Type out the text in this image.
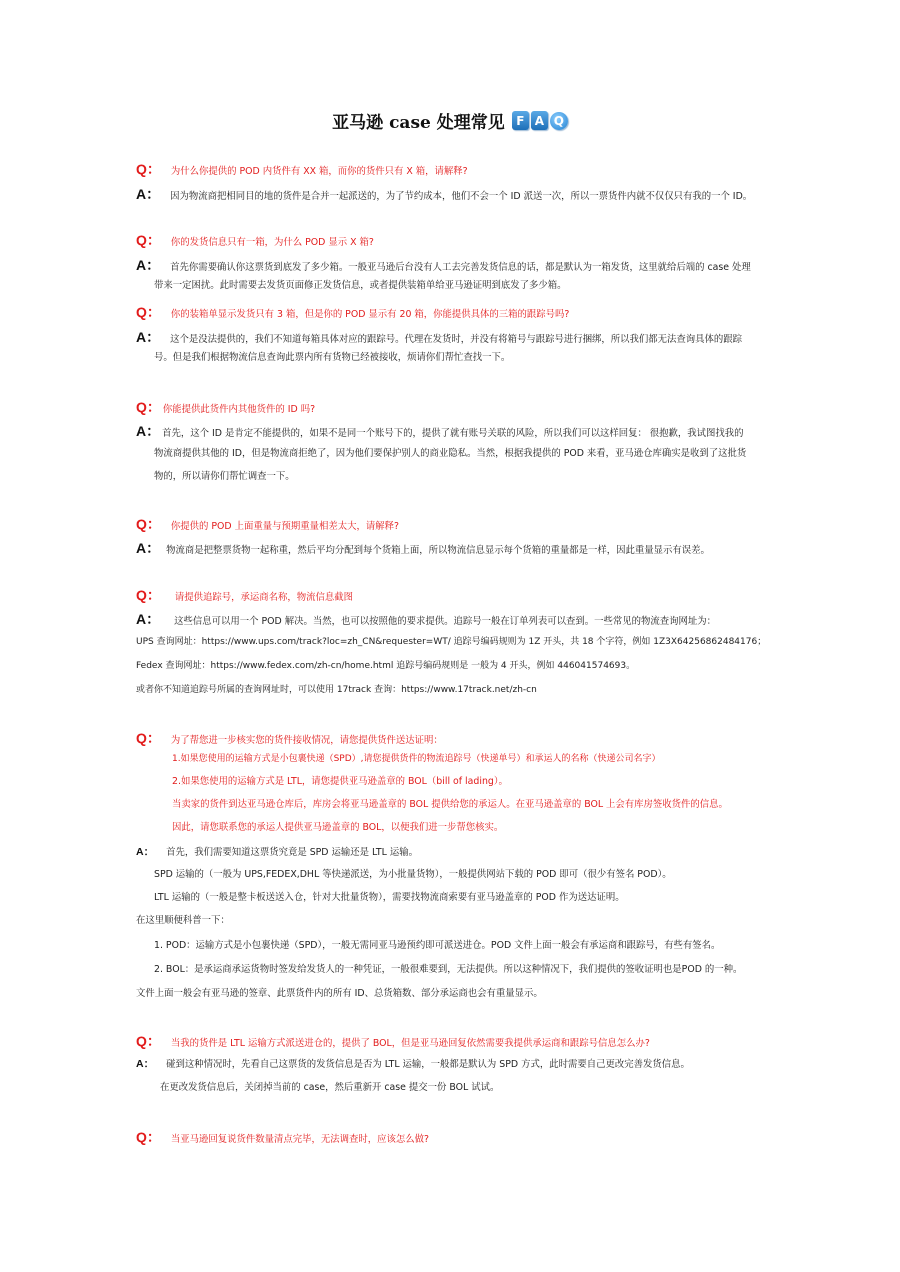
亚马逊 case 处理常见 F A Q
Q： 为什么你提供的 POD 内货件有 XX 箱，而你的货件只有 X 箱，请解释?
A： 因为物流商把相同目的地的货件是合并一起派送的，为了节约成本，他们不会一个 ID 派送一次，所以一票货件内就不仅仅只有我的一个 ID。
Q： 你的发货信息只有一箱，为什么 POD 显示 X 箱?
A： 首先你需要确认你这票货到底发了多少箱。一般亚马逊后台没有人工去完善发货信息的话，都是默认为一箱发货，这里就给后端的 case 处理
带来一定困扰。此时需要去发货页面修正发货信息，或者提供装箱单给亚马逊证明到底发了多少箱。
Q： 你的装箱单显示发货只有 3 箱，但是你的 POD 显示有 20 箱，你能提供具体的三箱的跟踪号吗?
A： 这个是没法提供的，我们不知道每箱具体对应的跟踪号。代理在发货时，并没有将箱号与跟踪号进行捆绑，所以我们都无法查询具体的跟踪
号。但是我们根据物流信息查询此票内所有货物已经被接收，烦请你们帮忙查找一下。
Q： 你能提供此货件内其他货件的 ID 吗?
A： 首先，这个 ID 是肯定不能提供的，如果不是同一个账号下的，提供了就有账号关联的风险，所以我们可以这样回复： 很抱歉，我试图找我的
物流商提供其他的 ID，但是物流商拒绝了，因为他们要保护别人的商业隐私。当然，根据我提供的 POD 来看，亚马逊仓库确实是收到了这批货
物的，所以请你们帮忙调查一下。
Q： 你提供的 POD 上面重量与预期重量相差太大，请解释?
A： 物流商是把整票货物一起称重，然后平均分配到每个货箱上面，所以物流信息显示每个货箱的重量都是一样，因此重量显示有误差。
Q： 请提供追踪号，承运商名称，物流信息截图
A： 这些信息可以用一个 POD 解决。当然，也可以按照他的要求提供。追踪号一般在订单列表可以查到。一些常见的物流查询网址为：
UPS 查询网址：https://www.ups.com/track?loc=zh_CN&requester=WT/ 追踪号编码规则为 1Z 开头，共 18 个字符，例如 1Z3X64256862484176；
Fedex 查询网址：https://www.fedex.com/zh-cn/home.html 追踪号编码规则是 一般为 4 开头，例如 446041574693。
或者你不知道追踪号所属的查询网址时，可以使用 17track 查询：https://www.17track.net/zh-cn
Q： 为了帮您进一步核实您的货件接收情况，请您提供货件送达证明：
1.如果您使用的运输方式是小包裹快递（SPD）,请您提供货件的物流追踪号（快递单号）和承运人的名称（快递公司名字）
2.如果您使用的运输方式是 LTL，请您提供亚马逊盖章的 BOL（bill of lading）。
当卖家的货件到达亚马逊仓库后，库房会将亚马逊盖章的 BOL 提供给您的承运人。在亚马逊盖章的 BOL 上会有库房签收货件的信息。
因此，请您联系您的承运人提供亚马逊盖章的 BOL，以便我们进一步帮您核实。
A： 首先，我们需要知道这票货究竟是 SPD 运输还是 LTL 运输。
SPD 运输的（一般为 UPS,FEDEX,DHL 等快递派送，为小批量货物），一般提供网站下载的 POD 即可（很少有签名 POD）。
LTL 运输的（一般是整卡板送送入仓，针对大批量货物），需要找物流商索要有亚马逊盖章的 POD 作为送达证明。
在这里顺便科普一下：
1. POD：运输方式是小包裹快递（SPD），一般无需同亚马逊预约即可派送进仓。POD 文件上面一般会有承运商和跟踪号，有些有签名。
2. BOL：是承运商承运货物时签发给发货人的一种凭证，一般很难要到，无法提供。所以这种情况下，我们提供的签收证明也是POD 的一种。
文件上面一般会有亚马逊的签章、此票货件内的所有 ID、总货箱数、部分承运商也会有重量显示。
Q： 当我的货件是 LTL 运输方式派送进仓的，提供了 BOL，但是亚马逊回复依然需要我提供承运商和跟踪号信息怎么办?
A： 碰到这种情况时，先看自己这票货的发货信息是否为 LTL 运输，一般都是默认为 SPD 方式，此时需要自己更改完善发货信息。
在更改发货信息后，关闭掉当前的 case，然后重新开 case 提交一份 BOL 试试。
Q： 当亚马逊回复说货件数量清点完毕，无法调查时，应该怎么做?
